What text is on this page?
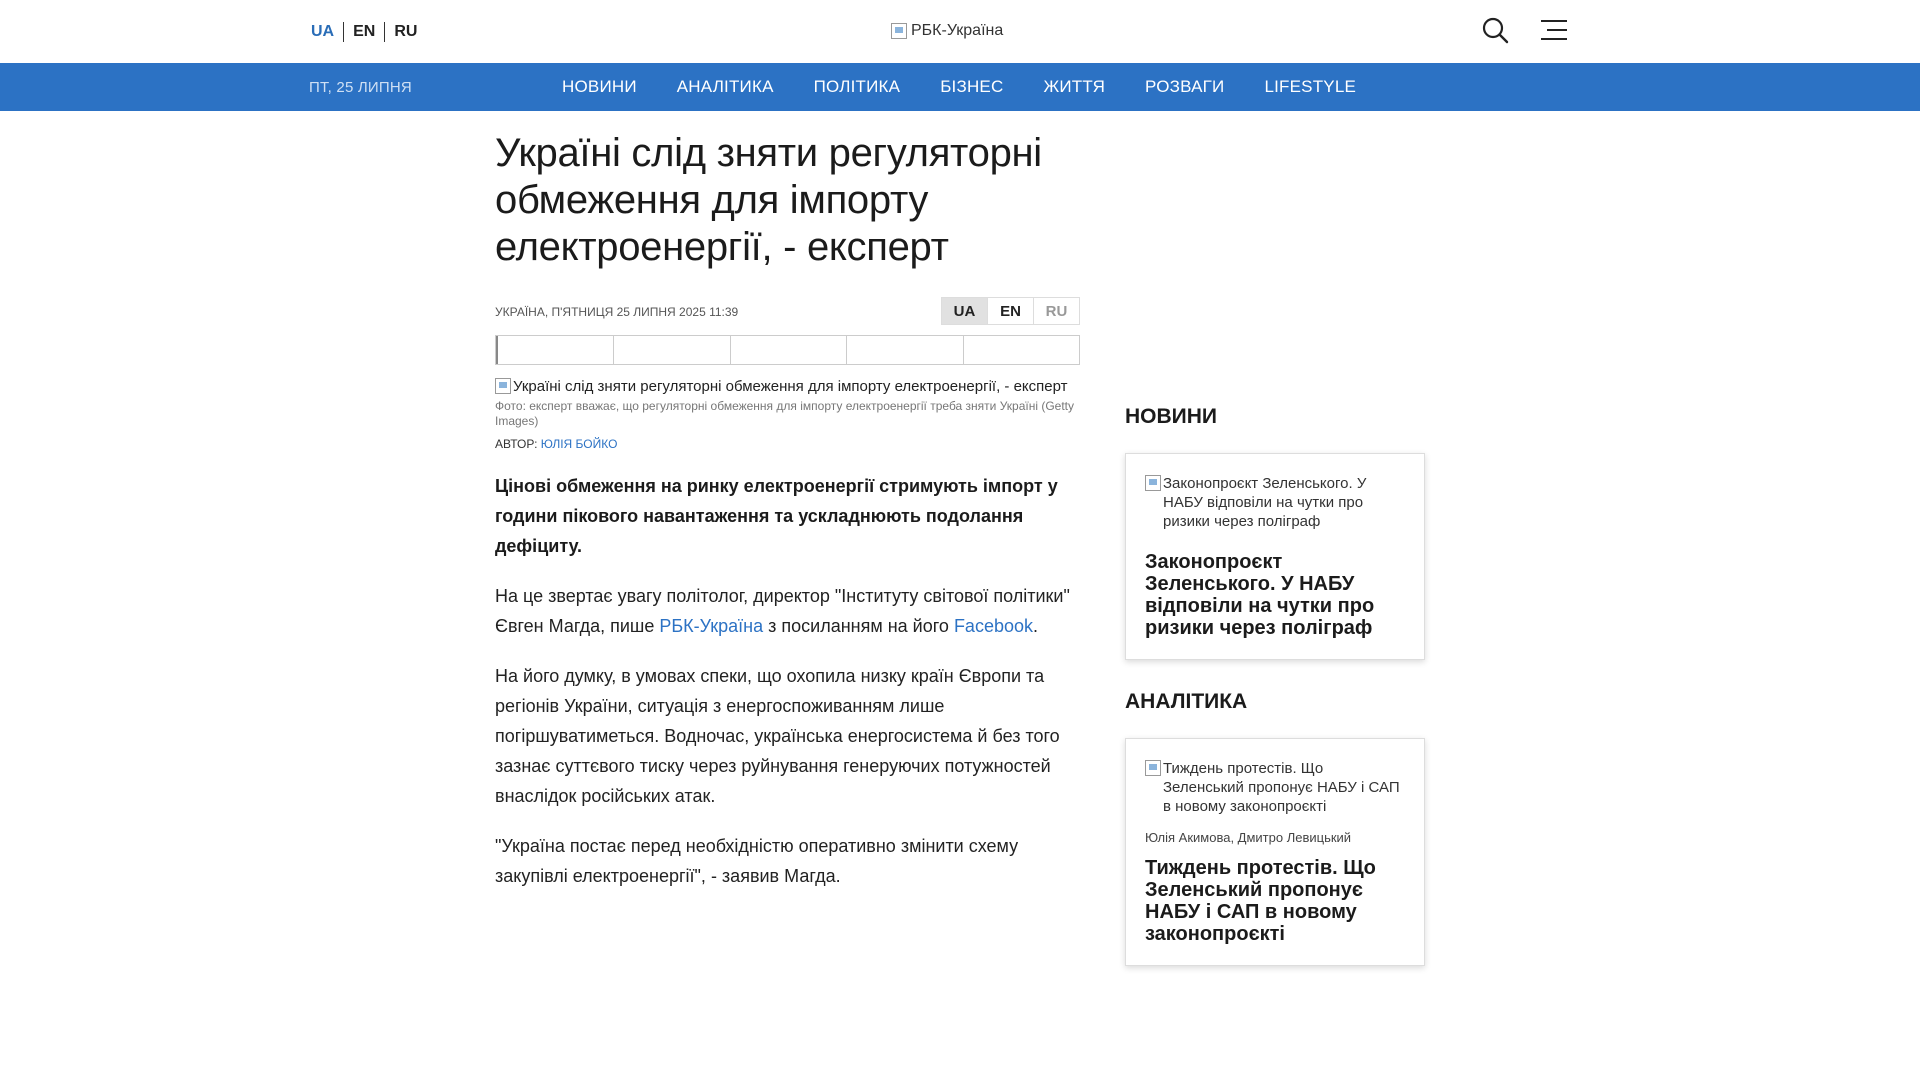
UA	EN	RU	РБК-Україна
ПТ, 25 ЛИПНЯ	НОВИНИ АНАЛІТИКА ПОЛІТИКА БІЗНЕС ЖИТТЯ РОЗВАГИ LIFESTYLE
Україні слід зняти регуляторні обмеження для імпорту електроенергії, - експерт
УКРАЇНА, П'ЯТНИЦЯ 25 ЛИПНЯ 2025 11:39	UA	EN	RU
Україні слід зняти регуляторні обмеження для імпорту електроенергії, - експерт
Фото: експерт вважає, що регуляторні обмеження для імпорту електроенергії треба зняти Україні (Getty Images)
АВТОР: ЮЛІЯ БОЙКО

Цінові обмеження на ринку електроенергії стримують імпорт у години пікового навантаження та ускладнюють подолання дефіциту.

На це звертає увагу політолог, директор "Інституту світової політики" Євген Магда, пише РБК-Україна з посиланням на його Facebook.

На його думку, в умовах спеки, що охопила низку країн Європи та регіонів України, ситуація з енергоспоживанням лише погіршуватиметься. Водночас, українська енергосистема й без того зазнає суттєвого тиску через руйнування генеруючих потужностей внаслідок російських атак.

"Україна постає перед необхідністю оперативно змінити схему закупівлі електроенергії", - заявив Магда.

НОВИНИ
Законопроєкт Зеленського. У НАБУ відповіли на чутки про ризики через поліграф
Законопроєкт Зеленського. У НАБУ відповіли на чутки про ризики через поліграф
АНАЛІТИКА
Тиждень протестів. Що Зеленський пропонує НАБУ і САП в новому законопроєкті
Юлія Акимова, Дмитро Левицький
Тиждень протестів. Що Зеленський пропонує НАБУ і САП в новому законопроєкті
